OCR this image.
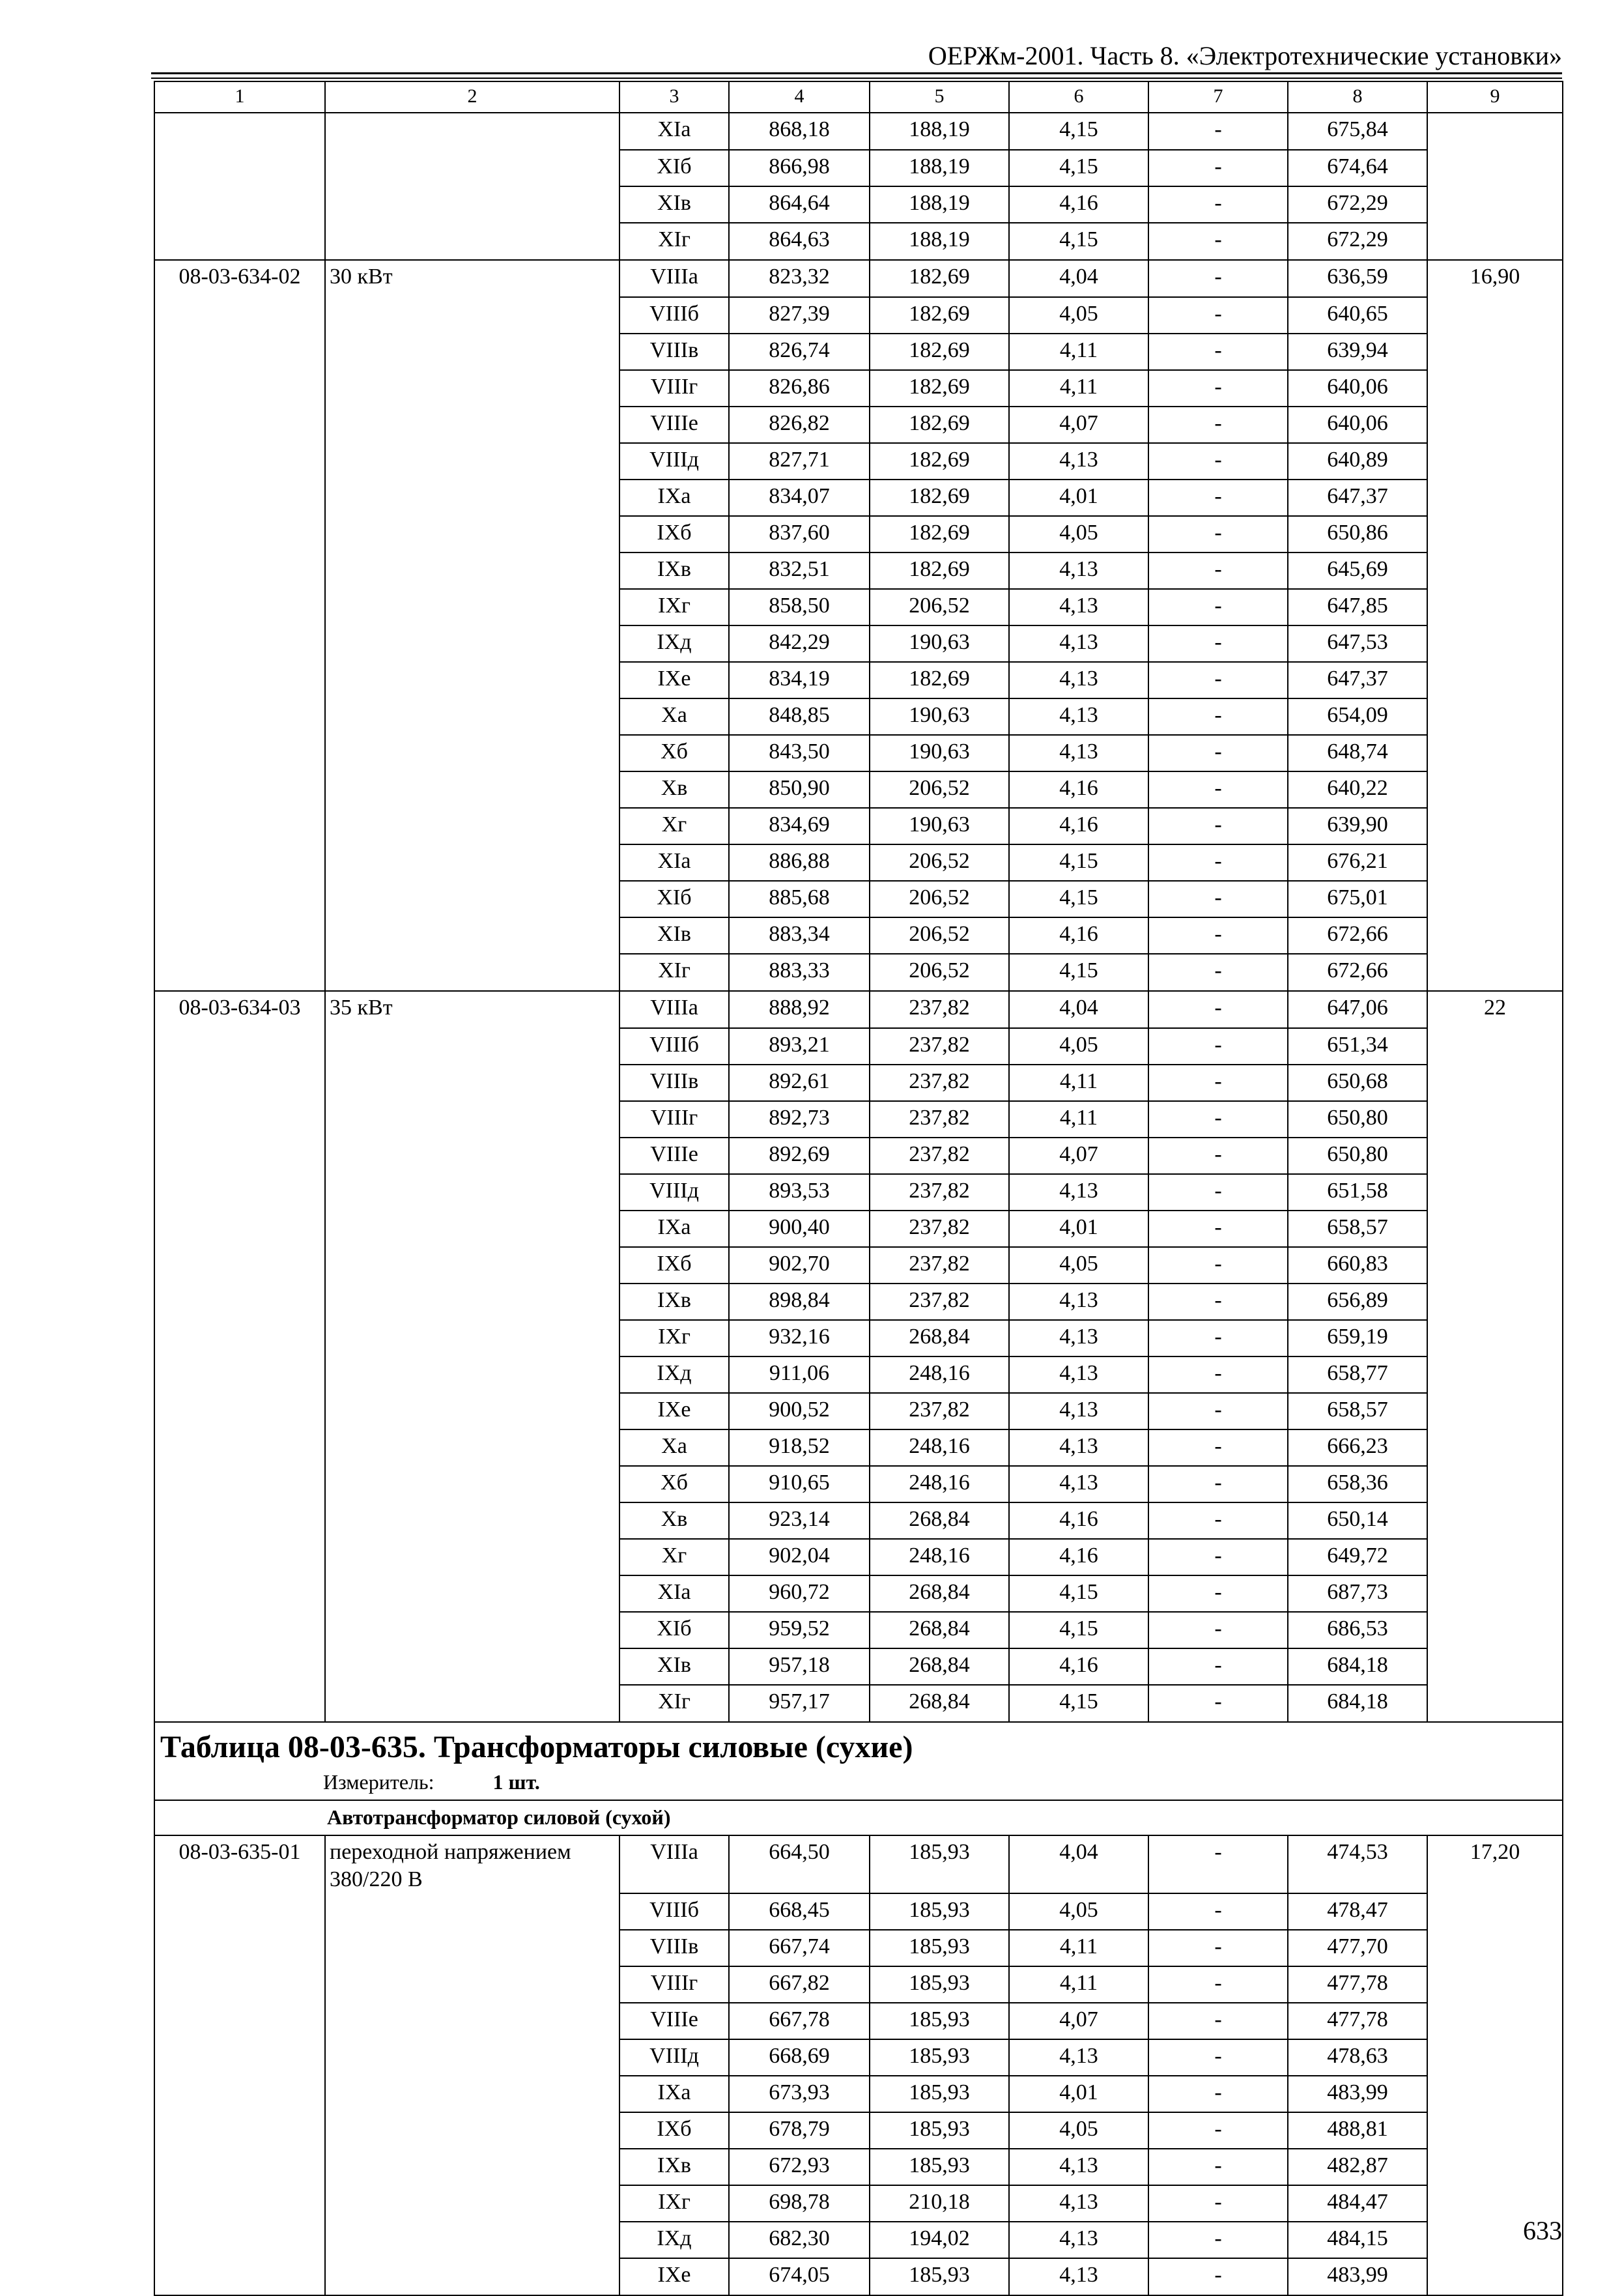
ОЕРЖм-2001. Часть 8. «Электротехнические установки»
1	2	3	4	5	6	7	8	9
		XIа	868,18	188,19	4,15	-	675,84	
		XIб	866,98	188,19	4,15	-	674,64	
		XIв	864,64	188,19	4,16	-	672,29	
		XIг	864,63	188,19	4,15	-	672,29	
08-03-634-02	30 кВт	VIIIа	823,32	182,69	4,04	-	636,59	16,90
		VIIIб	827,39	182,69	4,05	-	640,65	
		VIIIв	826,74	182,69	4,11	-	639,94	
		VIIIг	826,86	182,69	4,11	-	640,06	
		VIIIе	826,82	182,69	4,07	-	640,06	
		VIIIд	827,71	182,69	4,13	-	640,89	
		IXа	834,07	182,69	4,01	-	647,37	
		IXб	837,60	182,69	4,05	-	650,86	
		IXв	832,51	182,69	4,13	-	645,69	
		IXг	858,50	206,52	4,13	-	647,85	
		IXд	842,29	190,63	4,13	-	647,53	
		IXе	834,19	182,69	4,13	-	647,37	
		Xа	848,85	190,63	4,13	-	654,09	
		Xб	843,50	190,63	4,13	-	648,74	
		Xв	850,90	206,52	4,16	-	640,22	
		Xг	834,69	190,63	4,16	-	639,90	
		XIа	886,88	206,52	4,15	-	676,21	
		XIб	885,68	206,52	4,15	-	675,01	
		XIв	883,34	206,52	4,16	-	672,66	
		XIг	883,33	206,52	4,15	-	672,66	
08-03-634-03	35 кВт	VIIIа	888,92	237,82	4,04	-	647,06	22
		VIIIб	893,21	237,82	4,05	-	651,34	
		VIIIв	892,61	237,82	4,11	-	650,68	
		VIIIг	892,73	237,82	4,11	-	650,80	
		VIIIе	892,69	237,82	4,07	-	650,80	
		VIIIд	893,53	237,82	4,13	-	651,58	
		IXа	900,40	237,82	4,01	-	658,57	
		IXб	902,70	237,82	4,05	-	660,83	
		IXв	898,84	237,82	4,13	-	656,89	
		IXг	932,16	268,84	4,13	-	659,19	
		IXд	911,06	248,16	4,13	-	658,77	
		IXе	900,52	237,82	4,13	-	658,57	
		Xа	918,52	248,16	4,13	-	666,23	
		Xб	910,65	248,16	4,13	-	658,36	
		Xв	923,14	268,84	4,16	-	650,14	
		Xг	902,04	248,16	4,16	-	649,72	
		XIа	960,72	268,84	4,15	-	687,73	
		XIб	959,52	268,84	4,15	-	686,53	
		XIв	957,18	268,84	4,16	-	684,18	
		XIг	957,17	268,84	4,15	-	684,18	

Таблица 08-03-635. Трансформаторы силовые (сухие)
Измеритель: 1 шт.								

Автотрансформатор силовой (сухой)								
08-03-635-01	переходной напряжением 380/220 В	VIIIа	664,50	185,93	4,04	-	474,53	17,20
		VIIIб	668,45	185,93	4,05	-	478,47	
		VIIIв	667,74	185,93	4,11	-	477,70	
		VIIIг	667,82	185,93	4,11	-	477,78	
		VIIIе	667,78	185,93	4,07	-	477,78	
		VIIIд	668,69	185,93	4,13	-	478,63	
		IXа	673,93	185,93	4,01	-	483,99	
		IXб	678,79	185,93	4,05	-	488,81	
		IXв	672,93	185,93	4,13	-	482,87	
		IXг	698,78	210,18	4,13	-	484,47	
		IXд	682,30	194,02	4,13	-	484,15	
		IXе	674,05	185,93	4,13	-	483,99	
633
